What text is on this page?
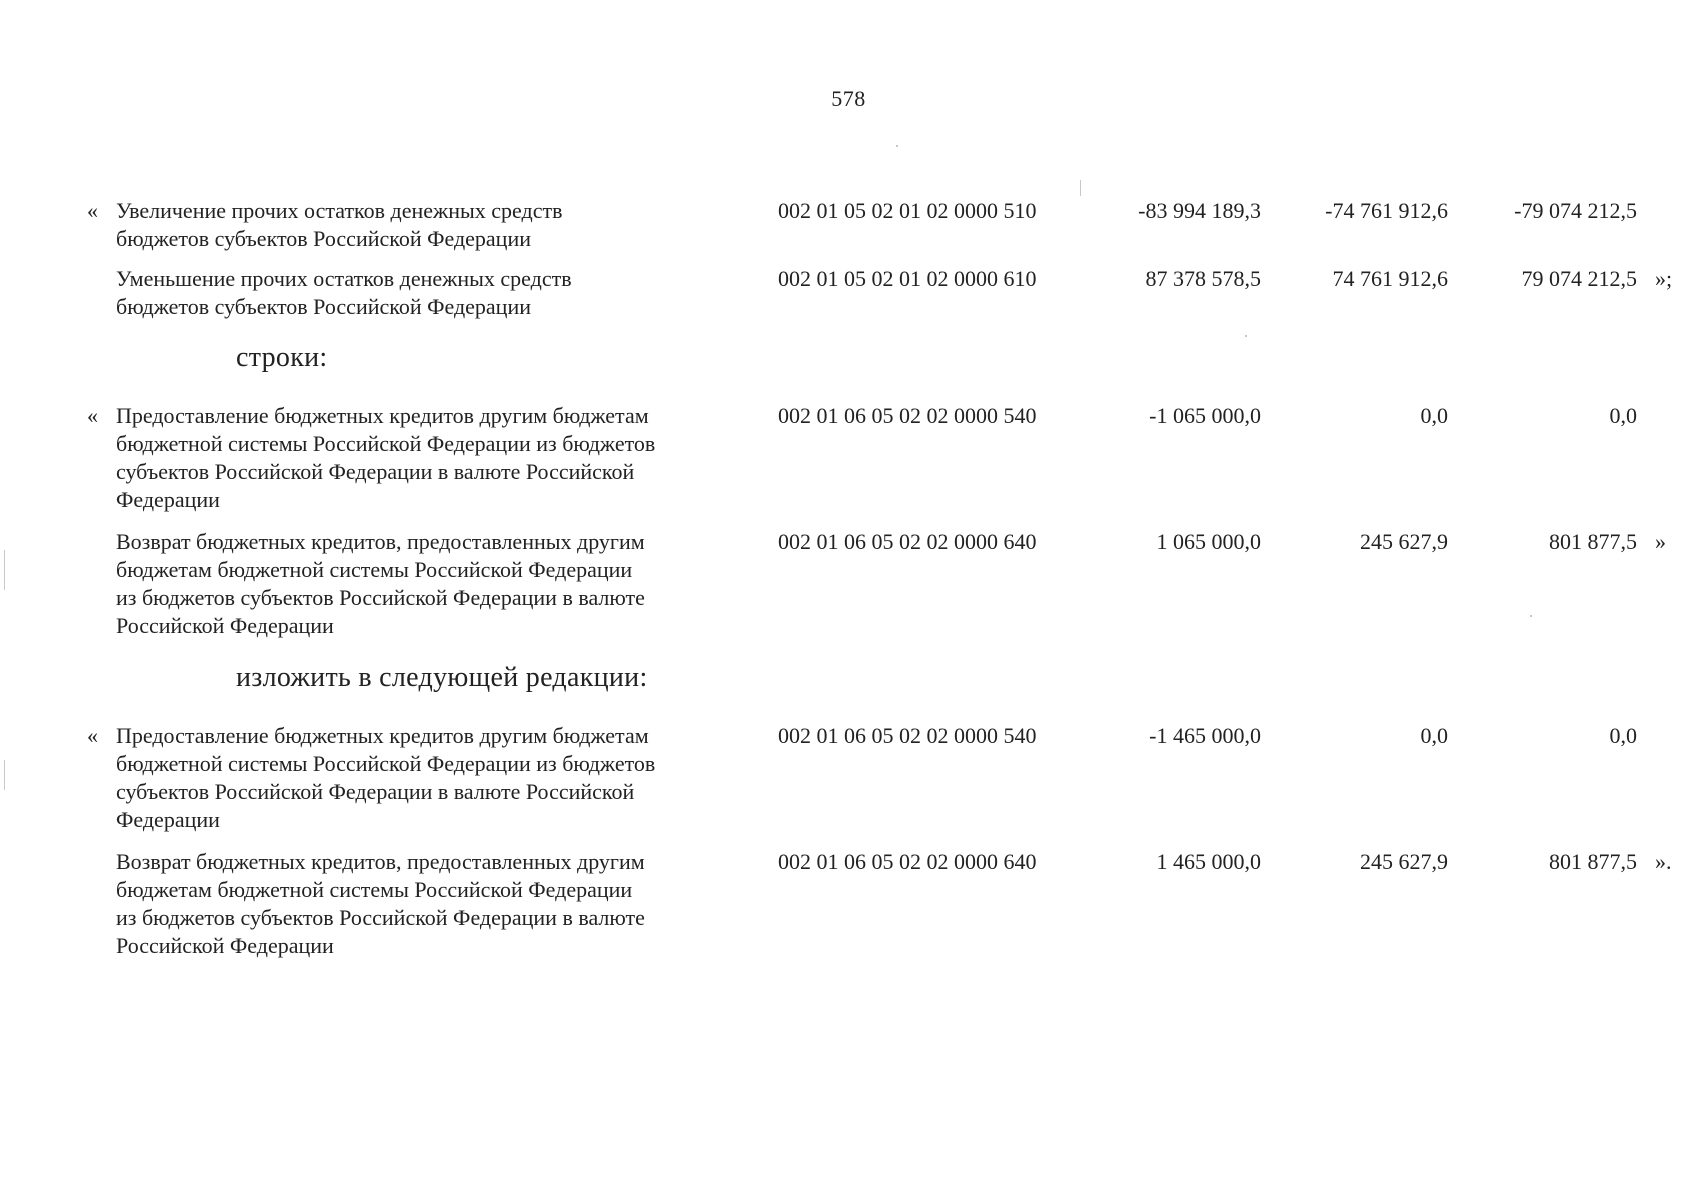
578
« Увеличение прочих остатков денежных средств
бюджетов субъектов Российской Федерации
002 01 05 02 01 02 0000 510	-83 994 189,3	-74 761 912,6	-79 074 212,5
Уменьшение прочих остатков денежных средств
бюджетов субъектов Российской Федерации
002 01 05 02 01 02 0000 610	87 378 578,5	74 761 912,6	79 074 212,5 »;
строки:
« Предоставление бюджетных кредитов другим бюджетам
бюджетной системы Российской Федерации из бюджетов
субъектов Российской Федерации в валюте Российской
Федерации
002 01 06 05 02 02 0000 540	-1 065 000,0	0,0	0,0
Возврат бюджетных кредитов, предоставленных другим
бюджетам бюджетной системы Российской Федерации
из бюджетов субъектов Российской Федерации в валюте
Российской Федерации
002 01 06 05 02 02 0000 640	1 065 000,0	245 627,9	801 877,5 »
изложить в следующей редакции:
« Предоставление бюджетных кредитов другим бюджетам
бюджетной системы Российской Федерации из бюджетов
субъектов Российской Федерации в валюте Российской
Федерации
002 01 06 05 02 02 0000 540	-1 465 000,0	0,0	0,0
Возврат бюджетных кредитов, предоставленных другим
бюджетам бюджетной системы Российской Федерации
из бюджетов субъектов Российской Федерации в валюте
Российской Федерации
002 01 06 05 02 02 0000 640	1 465 000,0	245 627,9	801 877,5 ».
